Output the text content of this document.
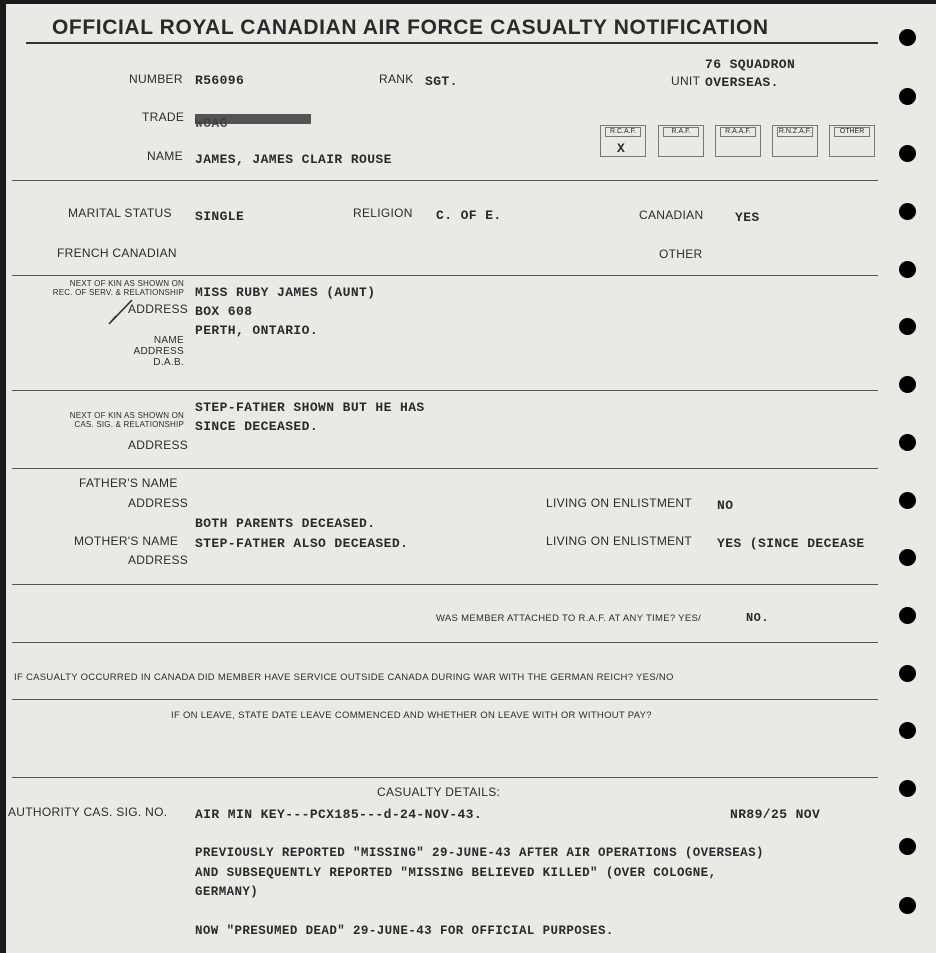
OFFICIAL ROYAL CANADIAN AIR FORCE CASUALTY NOTIFICATION
NUMBER R56096	RANK SGT.
76 SQUADRON
UNIT OVERSEAS.
TRADE
R.C.A.F.
X
R.A.F.	R.A.A.F.	R.N.Z.A.F.	OTHER
NAME JAMES, JAMES CLAIR ROUSE
MARITAL STATUS SINGLE	RELIGION C. OF E.	CANADIAN YES
FRENCH CANADIAN	OTHER
NEXT OF KIN AS SHOWN ON
REC. OF SERV. & RELATIONSHIP
ADDRESS
MISS RUBY JAMES (AUNT)
BOX 608
PERTH, ONTARIO.
NAME
ADDRESS
D.A.B.
NEXT OF KIN AS SHOWN ON
CAS. SIG. & RELATIONSHIP
STEP-FATHER SHOWN BUT HE HAS
SINCE DECEASED.
ADDRESS
FATHER'S NAME
ADDRESS	LIVING ON ENLISTMENT NO
BOTH PARENTS DECEASED.
MOTHER'S NAME STEP-FATHER ALSO DECEASED.	LIVING ON ENLISTMENT YES (SINCE DECEASE
ADDRESS
WAS MEMBER ATTACHED TO R.A.F. AT ANY TIME? YES/	NO.
IF CASUALTY OCCURRED IN CANADA DID MEMBER HAVE SERVICE OUTSIDE CANADA DURING WAR WITH THE GERMAN REICH? YES/NO
IF ON LEAVE, STATE DATE LEAVE COMMENCED AND WHETHER ON LEAVE WITH OR WITHOUT PAY?
CASUALTY DETAILS:
AUTHORITY CAS. SIG. NO. AIR MIN KEY---PCX185---d-24-NOV-43.	NR89/25 NOV
PREVIOUSLY REPORTED "MISSING" 29-JUNE-43 AFTER AIR OPERATIONS (OVERSEAS)
AND SUBSEQUENTLY REPORTED "MISSING BELIEVED KILLED" (OVER COLOGNE,
GERMANY)
NOW "PRESUMED DEAD" 29-JUNE-43 FOR OFFICIAL PURPOSES.
